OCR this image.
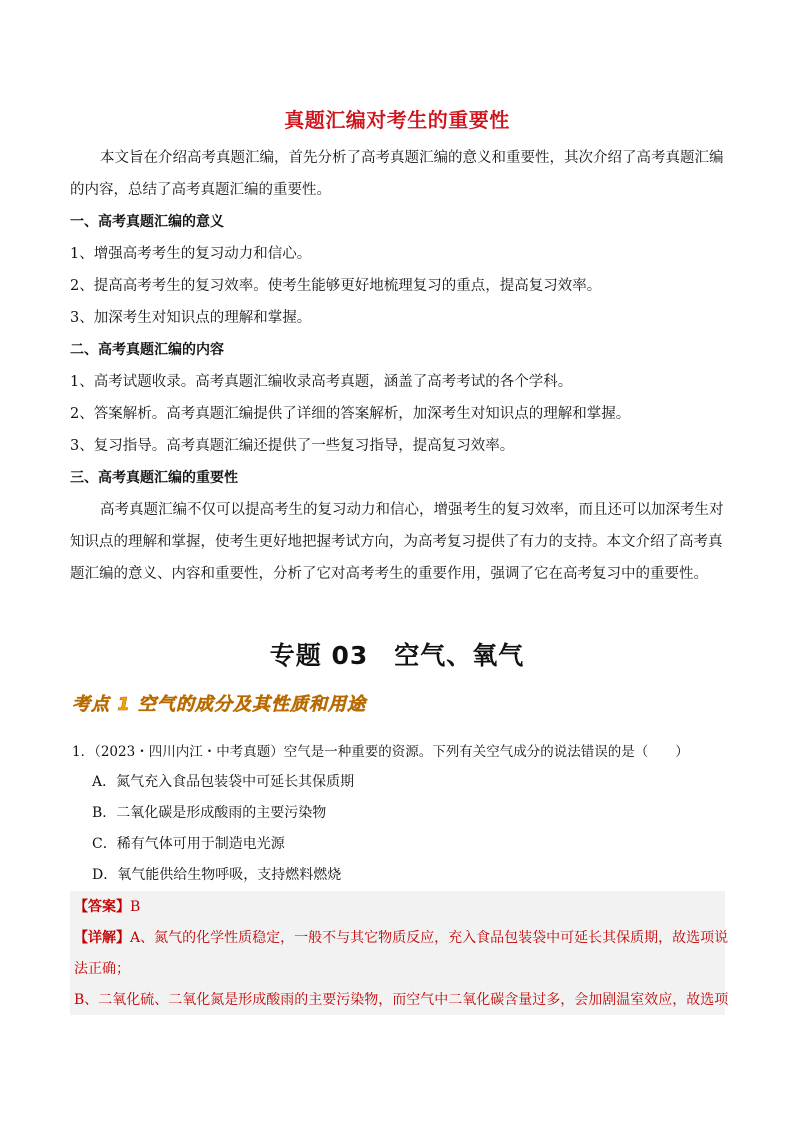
真题汇编对考生的重要性
本文旨在介绍高考真题汇编，首先分析了高考真题汇编的意义和重要性，其次介绍了高考真题汇编的内容，总结了高考真题汇编的重要性。
一、高考真题汇编的意义
1、增强高考考生的复习动力和信心。
2、提高高考考生的复习效率。使考生能够更好地梳理复习的重点，提高复习效率。
3、加深考生对知识点的理解和掌握。
二、高考真题汇编的内容
1、高考试题收录。高考真题汇编收录高考真题，涵盖了高考考试的各个学科。
2、答案解析。高考真题汇编提供了详细的答案解析，加深考生对知识点的理解和掌握。
3、复习指导。高考真题汇编还提供了一些复习指导，提高复习效率。
三、高考真题汇编的重要性
高考真题汇编不仅可以提高考生的复习动力和信心，增强考生的复习效率，而且还可以加深考生对知识点的理解和掌握，使考生更好地把握考试方向，为高考复习提供了有力的支持。本文介绍了高考真题汇编的意义、内容和重要性，分析了它对高考考生的重要作用，强调了它在高考复习中的重要性。
专题 03　空气、氧气
考点 1 空气的成分及其性质和用途
1．（2023・四川内江・中考真题）空气是一种重要的资源。下列有关空气成分的说法错误的是（　　）
A．氮气充入食品包装袋中可延长其保质期
B．二氧化碳是形成酸雨的主要污染物
C．稀有气体可用于制造电光源
D．氧气能供给生物呼吸，支持燃料燃烧
【答案】B
【详解】A、氮气的化学性质稳定，一般不与其它物质反应，充入食品包装袋中可延长其保质期，故选项说
法正确；
B、二氧化硫、二氧化氮是形成酸雨的主要污染物，而空气中二氧化碳含量过多，会加剧温室效应，故选项
